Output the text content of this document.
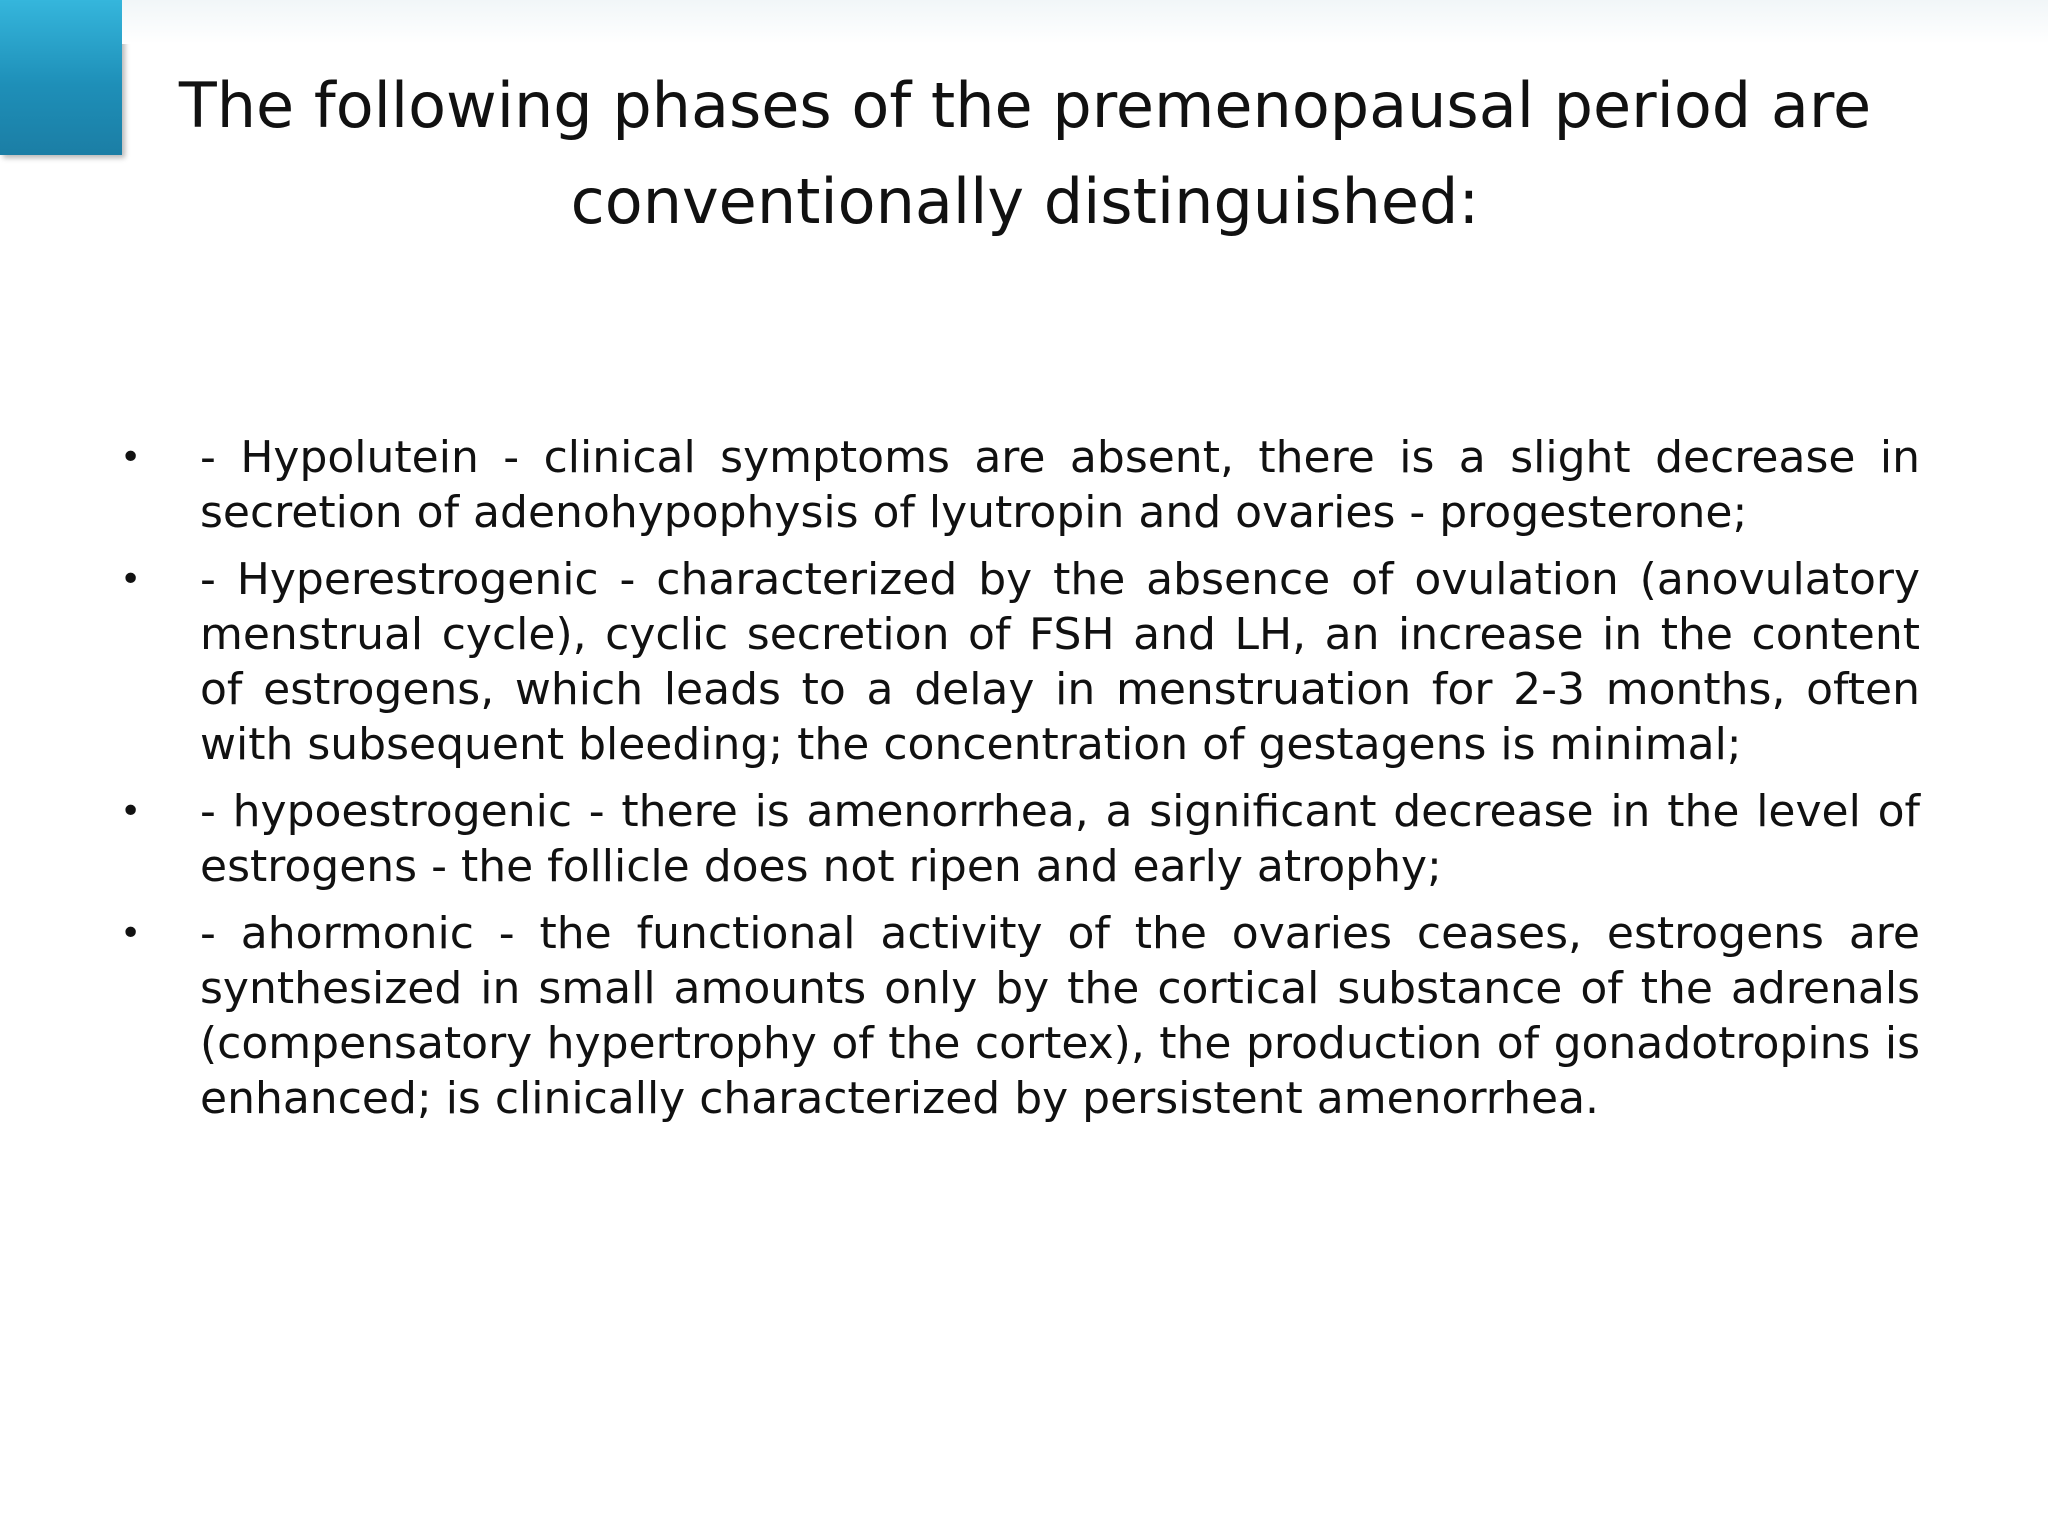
The following phases of the premenopausal period are conventionally distinguished:
•	- Hypolutein - clinical symptoms are absent, there is a slight decrease in secretion of adenohypophysis of lyutropin and ovaries - progesterone;
•	- Hyperestrogenic - characterized by the absence of ovulation (anovulatory menstrual cycle), cyclic secretion of FSH and LH, an increase in the content of estrogens, which leads to a delay in menstruation for 2-3 months, often with subsequent bleeding; the concentration of gestagens is minimal;
•	- hypoestrogenic - there is amenorrhea, a significant decrease in the level of estrogens - the follicle does not ripen and early atrophy;
•	- ahormonic - the functional activity of the ovaries ceases, estrogens are synthesized in small amounts only by the cortical substance of the adrenals (compensatory hypertrophy of the cortex), the production of gonadotropins is enhanced; is clinically characterized by persistent amenorrhea.
